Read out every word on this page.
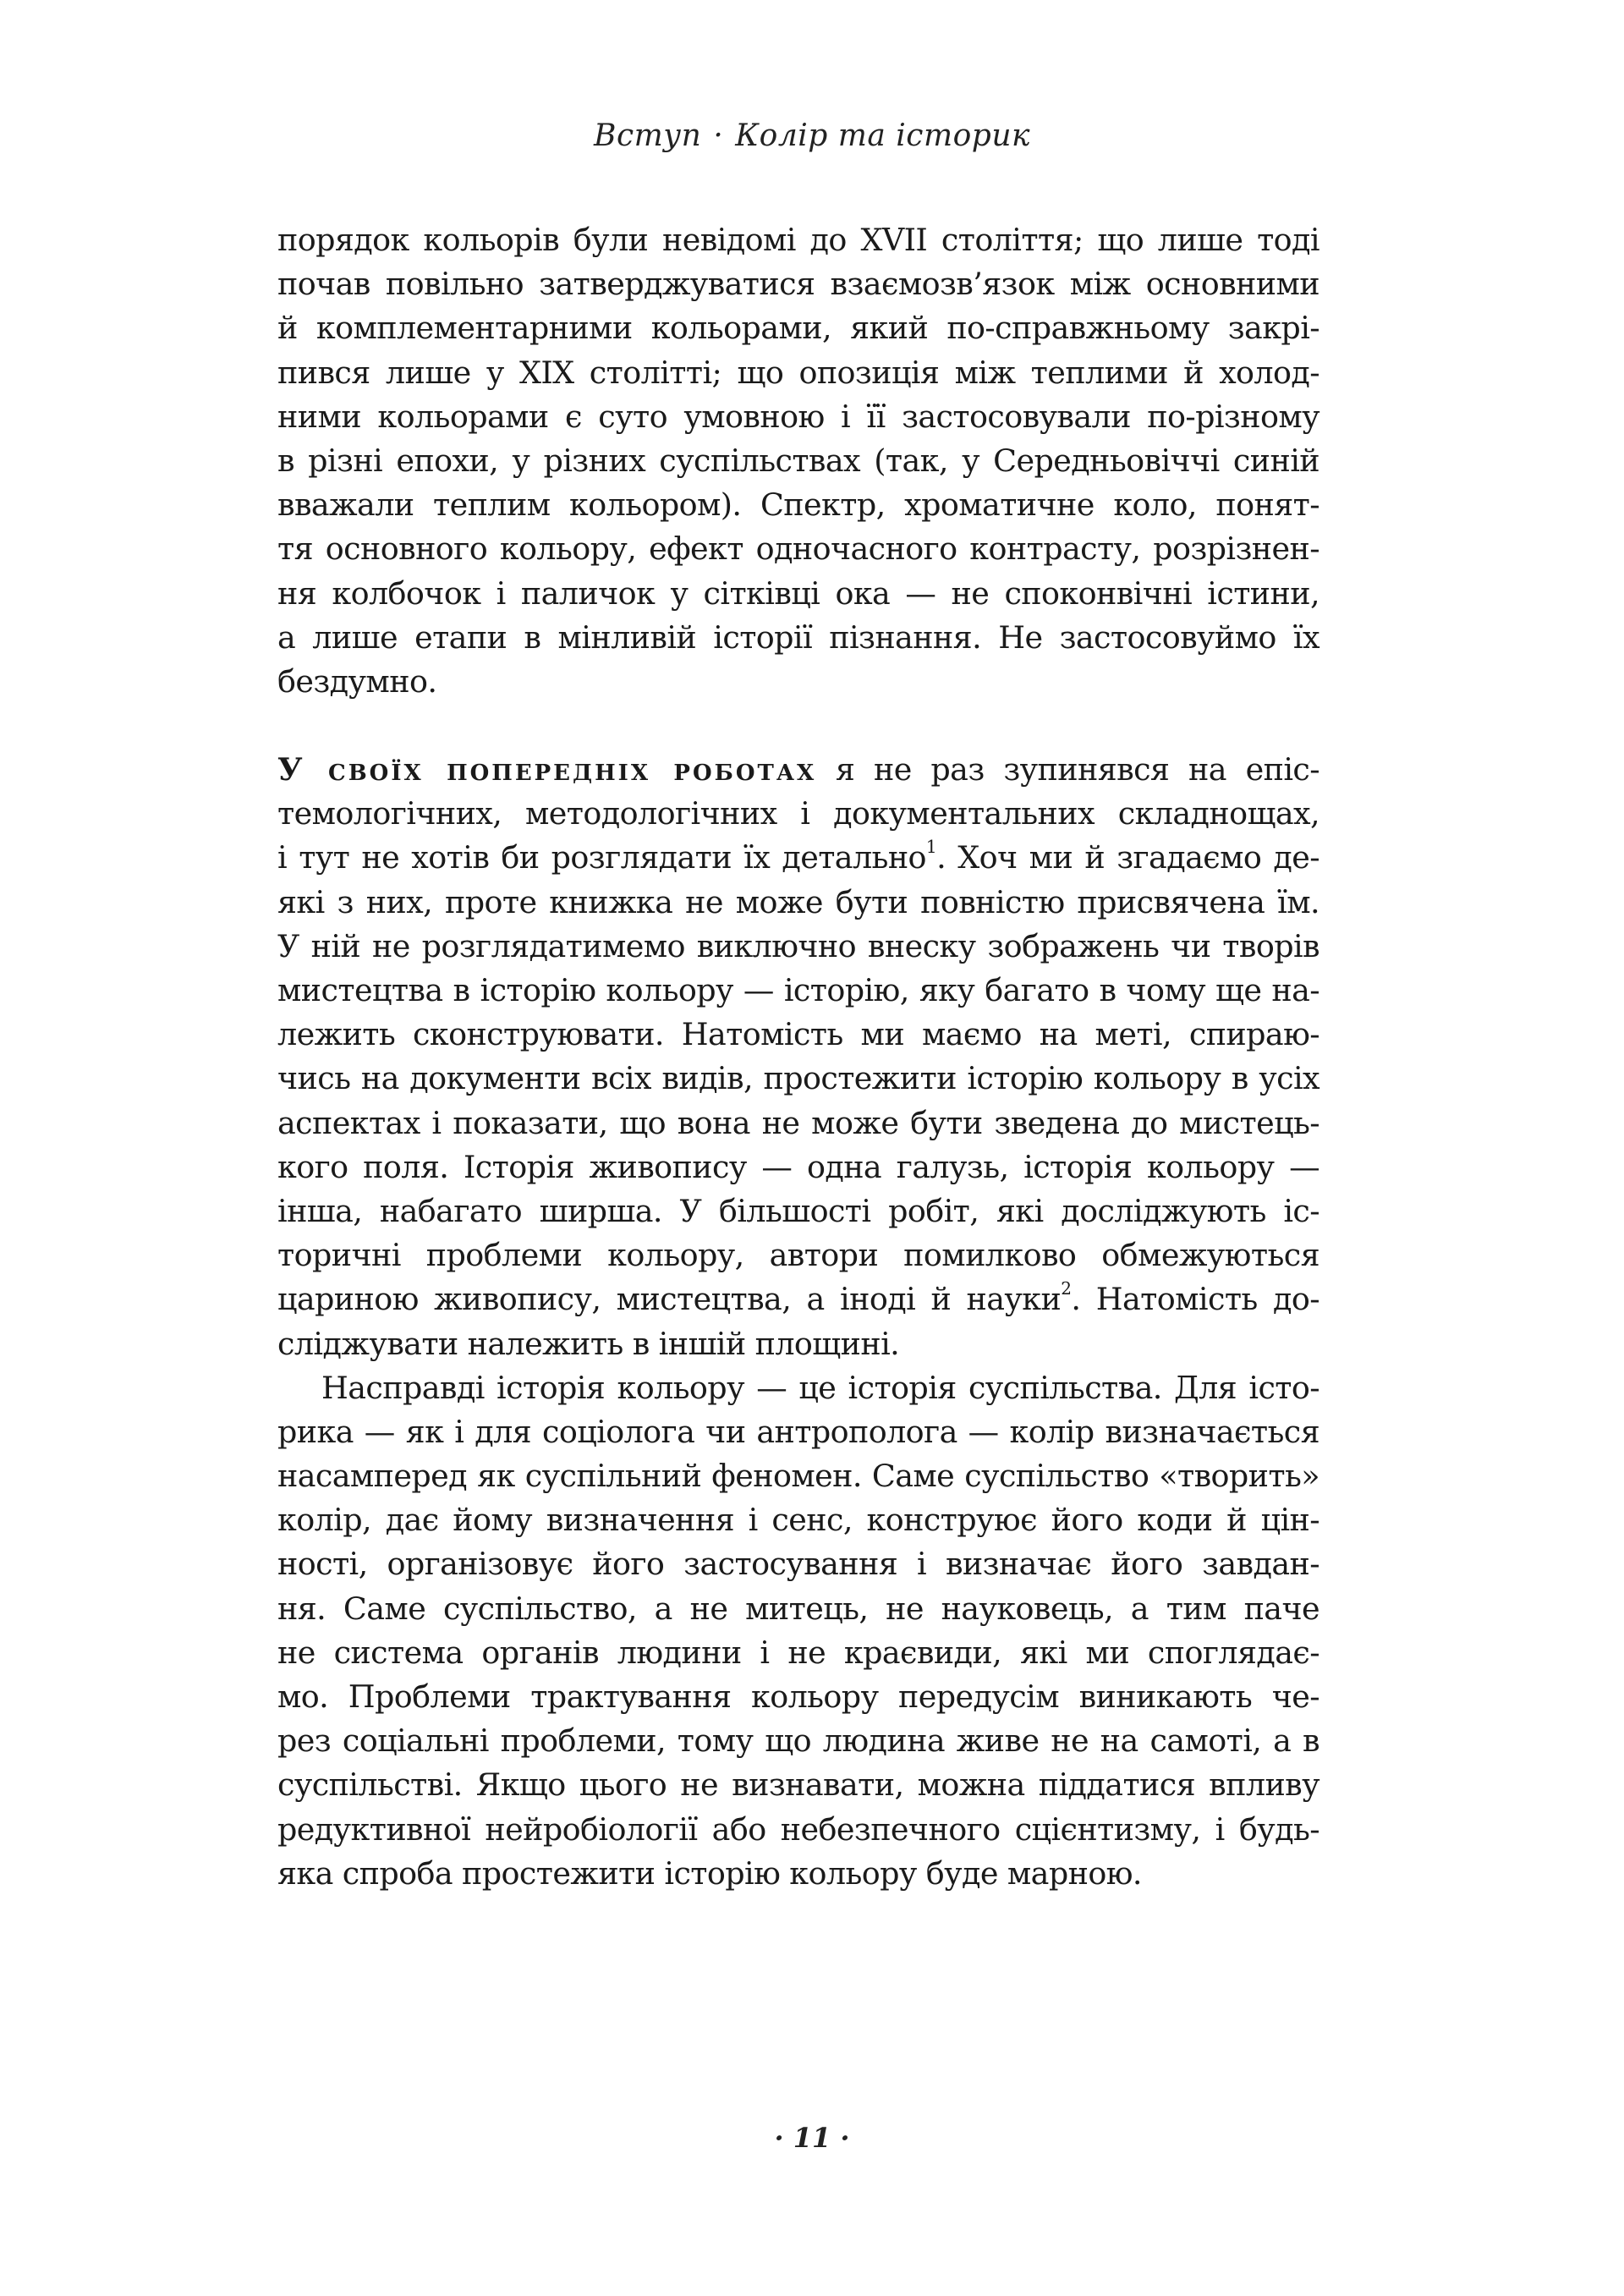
Вступ · Колір та історик
порядок кольорів були невідомі до XVII століття; що лише тоді
почав повільно затверджуватися взаємозв’язок між основними
й комплементарними кольорами, який по-справжньому закрі-
пився лише у XIX столітті; що опозиція між теплими й холод-
ними кольорами є суто умовною і її застосовували по-різному
в різні епохи, у різних суспільствах (так, у Середньовіччі синій
вважали теплим кольором). Спектр, хроматичне коло, понят-
тя основного кольору, ефект одночасного контрасту, розрізнен-
ня колбочок і паличок у сітківці ока — не споконвічні істини,
а лише етапи в мінливій історії пізнання. Не застосовуймо їх
бездумно.
У своїх попередніх роботах я не раз зупинявся на епіс-
темологічних, методологічних і документальних складнощах,
і тут не хотів би розглядати їх детально$^1$. Хоч ми й згадаємо де-
які з них, проте книжка не може бути повністю присвячена їм.
У ній не розглядатимемо виключно внеску зображень чи творів
мистецтва в історію кольору — історію, яку багато в чому ще на-
лежить сконструювати. Натомість ми маємо на меті, спираю-
чись на документи всіх видів, простежити історію кольору в усіх
аспектах і показати, що вона не може бути зведена до мистець-
кого поля. Історія живопису — одна галузь, історія кольору —
інша, набагато ширша. У більшості робіт, які досліджують іс-
торичні проблеми кольору, автори помилково обмежуються
цариною живопису, мистецтва, а іноді й науки$^2$. Натомість до-
сліджувати належить в іншій площині.
Насправді історія кольору — це історія суспільства. Для істо-
рика — як і для соціолога чи антрополога — колір визначається
насамперед як суспільний феномен. Саме суспільство «творить»
колір, дає йому визначення і сенс, конструює його коди й цін-
ності, організовує його застосування і визначає його завдан-
ня. Саме суспільство, а не митець, не науковець, а тим паче
не система органів людини і не краєвиди, які ми споглядає-
мо. Проблеми трактування кольору передусім виникають че-
рез соціальні проблеми, тому що людина живе не на самоті, а в
суспільстві. Якщо цього не визнавати, можна піддатися впливу
редуктивної нейробіології або небезпечного сцієнтизму, і будь-
яка спроба простежити історію кольору буде марною.
· 11 ·
